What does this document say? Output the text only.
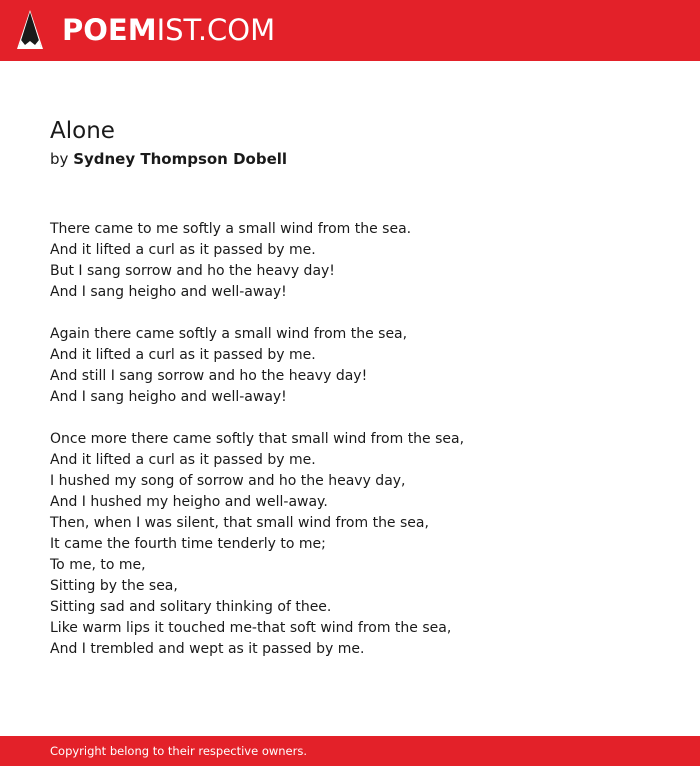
POEMIST.COM
Alone
by Sydney Thompson Dobell

There came to me softly a small wind from the sea.
And it lifted a curl as it passed by me.
But I sang sorrow and ho the heavy day!
And I sang heigho and well-away!

Again there came softly a small wind from the sea,
And it lifted a curl as it passed by me.
And still I sang sorrow and ho the heavy day!
And I sang heigho and well-away!

Once more there came softly that small wind from the sea,
And it lifted a curl as it passed by me.
I hushed my song of sorrow and ho the heavy day,
And I hushed my heigho and well-away.
Then, when I was silent, that small wind from the sea,
It came the fourth time tenderly to me;
To me, to me,
Sitting by the sea,
Sitting sad and solitary thinking of thee.
Like warm lips it touched me-that soft wind from the sea,
And I trembled and wept as it passed by me.

Copyright belong to their respective owners.
